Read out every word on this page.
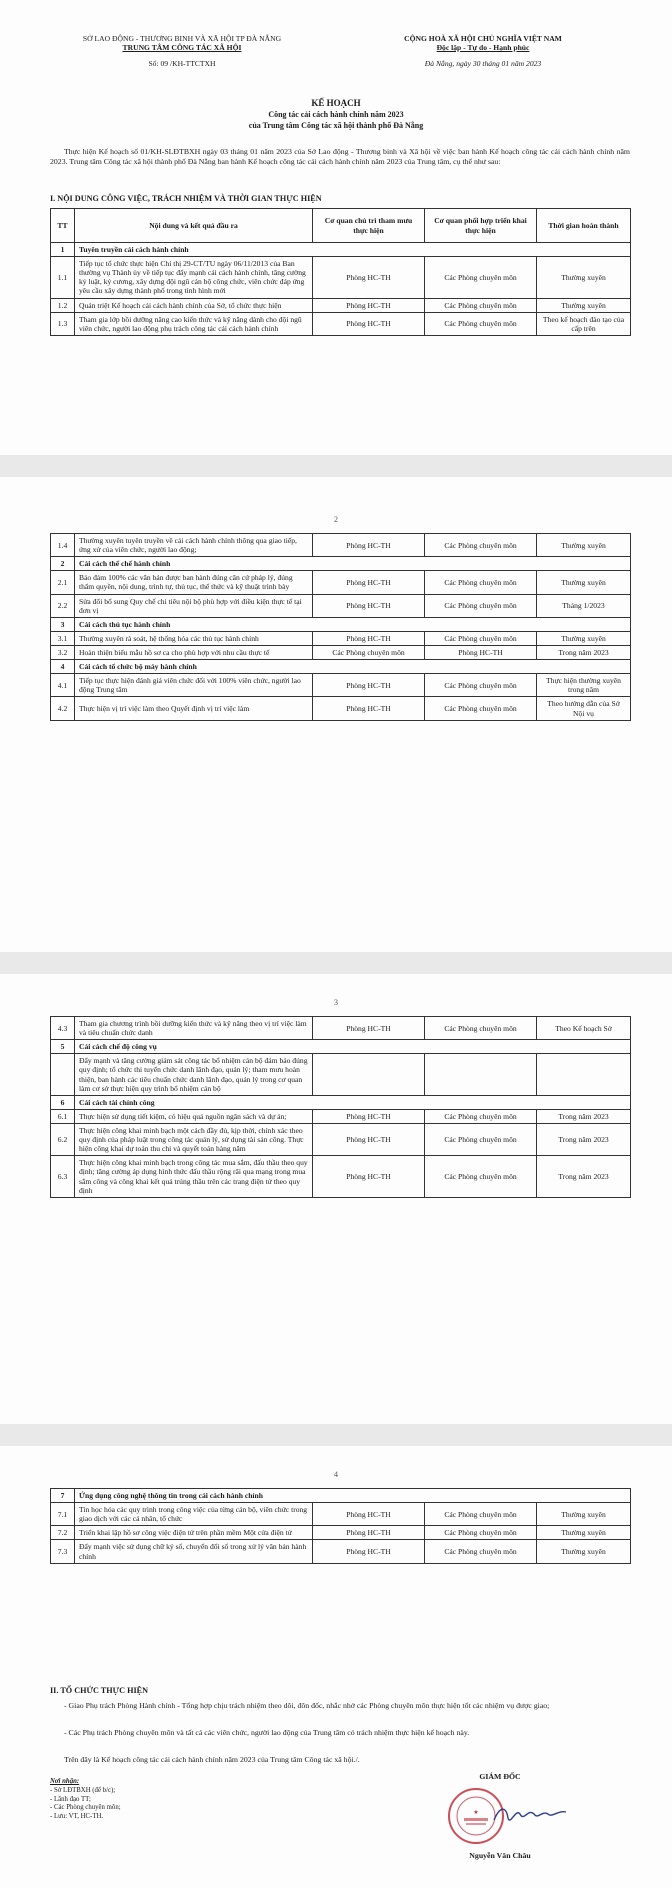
SỞ LAO ĐỘNG - THƯƠNG BINH VÀ XÃ HỘI TP ĐÀ NẴNG
TRUNG TÂM CÔNG TÁC XÃ HỘI
Số: 09 /KH-TTCTXH
CỘNG HOÀ XÃ HỘI CHỦ NGHĨA VIỆT NAM
Độc lập - Tự do - Hạnh phúc
Đà Nẵng, ngày 30 tháng 01 năm 2023
KẾ HOẠCH
Công tác cải cách hành chính năm 2023
của Trung tâm Công tác xã hội thành phố Đà Nẵng
Thực hiện Kế hoạch số 01/KH-SLĐTBXH ngày 03 tháng 01 năm 2023 của Sở Lao động - Thương binh và Xã hội về việc ban hành Kế hoạch công tác cải cách hành chính năm 2023. Trung tâm Công tác xã hội thành phố Đà Nẵng ban hành Kế hoạch công tác cải cách hành chính năm 2023 của Trung tâm, cụ thể như sau:
I. NỘI DUNG CÔNG VIỆC, TRÁCH NHIỆM VÀ THỜI GIAN THỰC HIỆN
TT	Nội dung và kết quả đầu ra	Cơ quan chủ trì tham mưu thực hiện	Cơ quan phối hợp triển khai thực hiện	Thời gian hoàn thành
1	Tuyên truyền cải cách hành chính			
1.1	Tiếp tục tổ chức thực hiện Chỉ thị 29-CT/TU ngày 06/11/2013 của Ban thường vụ Thành ủy về tiếp tục đẩy mạnh cải cách hành chính, tăng cường kỷ luật, kỷ cương, xây dựng đội ngũ cán bộ công chức, viên chức đáp ứng yêu cầu xây dựng thành phố trong tình hình mới	Phòng HC-TH	Các Phòng chuyên môn	Thường xuyên
1.2	Quán triệt Kế hoạch cải cách hành chính của Sở, tổ chức thực hiện	Phòng HC-TH	Các Phòng chuyên môn	Thường xuyên
1.3	Tham gia lớp bồi dưỡng nâng cao kiến thức và kỹ năng dành cho đội ngũ viên chức, người lao động phụ trách công tác cải cách hành chính	Phòng HC-TH	Các Phòng chuyên môn	Theo kế hoạch đào tạo của cấp trên
2
1.4	Thường xuyên tuyên truyền về cải cách hành chính thông qua giao tiếp, ứng xử của viên chức, người lao động;	Phòng HC-TH	Các Phòng chuyên môn	Thường xuyên
2	Cải cách thể chế hành chính			
2.1	Bảo đảm 100% các văn bản được ban hành đúng căn cứ pháp lý, đúng thẩm quyền, nội dung, trình tự, thủ tục, thể thức và kỹ thuật trình bày	Phòng HC-TH	Các Phòng chuyên môn	Thường xuyên
2.2	Sửa đổi bổ sung Quy chế chi tiêu nội bộ phù hợp với điều kiện thực tế tại đơn vị	Phòng HC-TH	Các Phòng chuyên môn	Tháng 1/2023
3	Cải cách thủ tục hành chính			
3.1	Thường xuyên rà soát, hệ thống hóa các thủ tục hành chính	Phòng HC-TH	Các Phòng chuyên môn	Thường xuyên
3.2	Hoàn thiện biểu mẫu hồ sơ ca cho phù hợp với nhu cầu thực tế	Các Phòng chuyên môn	Phòng HC-TH	Trong năm 2023
4	Cải cách tổ chức bộ máy hành chính			
4.1	Tiếp tục thực hiện đánh giá viên chức đối với 100% viên chức, người lao động Trung tâm	Phòng HC-TH	Các Phòng chuyên môn	Thực hiện thường xuyên trong năm
4.2	Thực hiện vị trí việc làm theo Quyết định vị trí việc làm	Phòng HC-TH	Các Phòng chuyên môn	Theo hướng dẫn của Sở Nội vụ
3
4.3	Tham gia chương trình bồi dưỡng kiến thức và kỹ năng theo vị trí việc làm và tiêu chuẩn chức danh	Phòng HC-TH	Các Phòng chuyên môn	Theo Kế hoạch Sở
5	Cải cách chế độ công vụ			
	Đẩy mạnh và tăng cường giám sát công tác bổ nhiệm cán bộ đảm bảo đúng quy định; tổ chức thi tuyển chức danh lãnh đạo, quản lý; tham mưu hoàn thiện, ban hành các tiêu chuẩn chức danh lãnh đạo, quản lý trong cơ quan làm cơ sở thực hiện quy trình bổ nhiệm cán bộ			
6	Cải cách tài chính công			
6.1	Thực hiện sử dụng tiết kiệm, có hiệu quả nguồn ngân sách và dự án;	Phòng HC-TH	Các Phòng chuyên môn	Trong năm 2023
6.2	Thực hiện công khai minh bạch một cách đầy đủ, kịp thời, chính xác theo quy định của pháp luật trong công tác quản lý, sử dụng tài sản công. Thực hiện công khai dự toán thu chi và quyết toán hàng năm	Phòng HC-TH	Các Phòng chuyên môn	Trong năm 2023
6.3	Thực hiện công khai minh bạch trong công tác mua sắm, đấu thầu theo quy định; tăng cường áp dụng hình thức đấu thầu rộng rãi qua mạng trong mua sắm công và công khai kết quả trúng thầu trên các trang điện tử theo quy định	Phòng HC-TH	Các Phòng chuyên môn	Trong năm 2023
4
7	Ứng dụng công nghệ thông tin trong cải cách hành chính			
7.1	Tin học hóa các quy trình trong công việc của từng cán bộ, viên chức trong giao dịch với các cá nhân, tổ chức	Phòng HC-TH	Các Phòng chuyên môn	Thường xuyên
7.2	Triển khai lập hồ sơ công việc điện tử trên phần mềm Một cửa điện tử	Phòng HC-TH	Các Phòng chuyên môn	Thường xuyên
7.3	Đẩy mạnh việc sử dụng chữ ký số, chuyển đổi số trong xử lý văn bản hành chính	Phòng HC-TH	Các Phòng chuyên môn	Thường xuyên
II. TỔ CHỨC THỰC HIỆN
- Giao Phụ trách Phòng Hành chính - Tổng hợp chịu trách nhiệm theo dõi, đôn đốc, nhắc nhở các Phòng chuyên môn thực hiện tốt các nhiệm vụ được giao;
- Các Phụ trách Phòng chuyên môn và tất cả các viên chức, người lao động của Trung tâm có trách nhiệm thực hiện kế hoạch này.
Trên đây là Kế hoạch công tác cải cách hành chính năm 2023 của Trung tâm Công tác xã hội./.
Nơi nhận:
- Sở LĐTBXH (để b/c);
- Lãnh đạo TT;
- Các Phòng chuyên môn;
- Lưu: VT, HC-TH.
GIÁM ĐỐC
Nguyễn Văn Châu
★
